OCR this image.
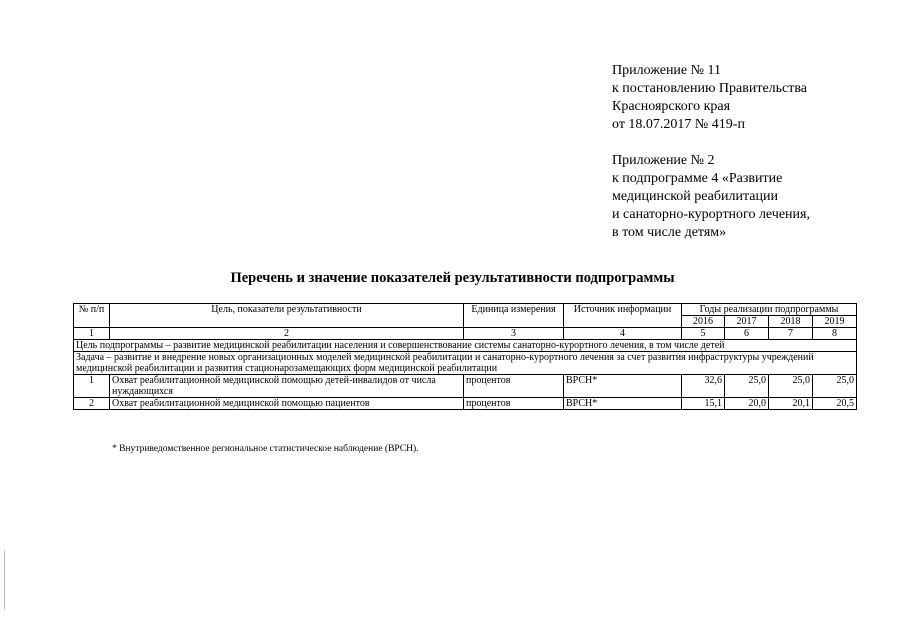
Приложение № 11
к постановлению Правительства
Красноярского края
от 18.07.2017 № 419-п
Приложение № 2
к подпрограмме 4 «Развитие
медицинской реабилитации
и санаторно-курортного лечения,
в том числе детям»
Перечень и значение показателей результативности подпрограммы
№ п/п	Цель, показатели результативности	Единица измерения	Источник информации	Годы реализации подпрограммы			
				2016	2017	2018	2019
1	2	3	4	5	6	7	8
Цель подпрограммы – развитие медицинской реабилитации населения и совершенствование системы санаторно-курортного лечения, в том числе детей							
Задача – развитие и внедрение новых организационных моделей медицинской реабилитации и санаторно-курортного лечения за счет развития инфраструктуры учреждений медицинской реабилитации и развития стационарозамещающих форм медицинской реабилитации							
1	Охват реабилитационной медицинской помощью детей-инвалидов от числа нуждающихся	процентов	ВРСН*	32,6	25,0	25,0	25,0
2	Охват реабилитационной медицинской помощью пациентов	процентов	ВРСН*	15,1	20,0	20,1	20,5
* Внутриведомственное региональное статистическое наблюдение (ВРСН).
